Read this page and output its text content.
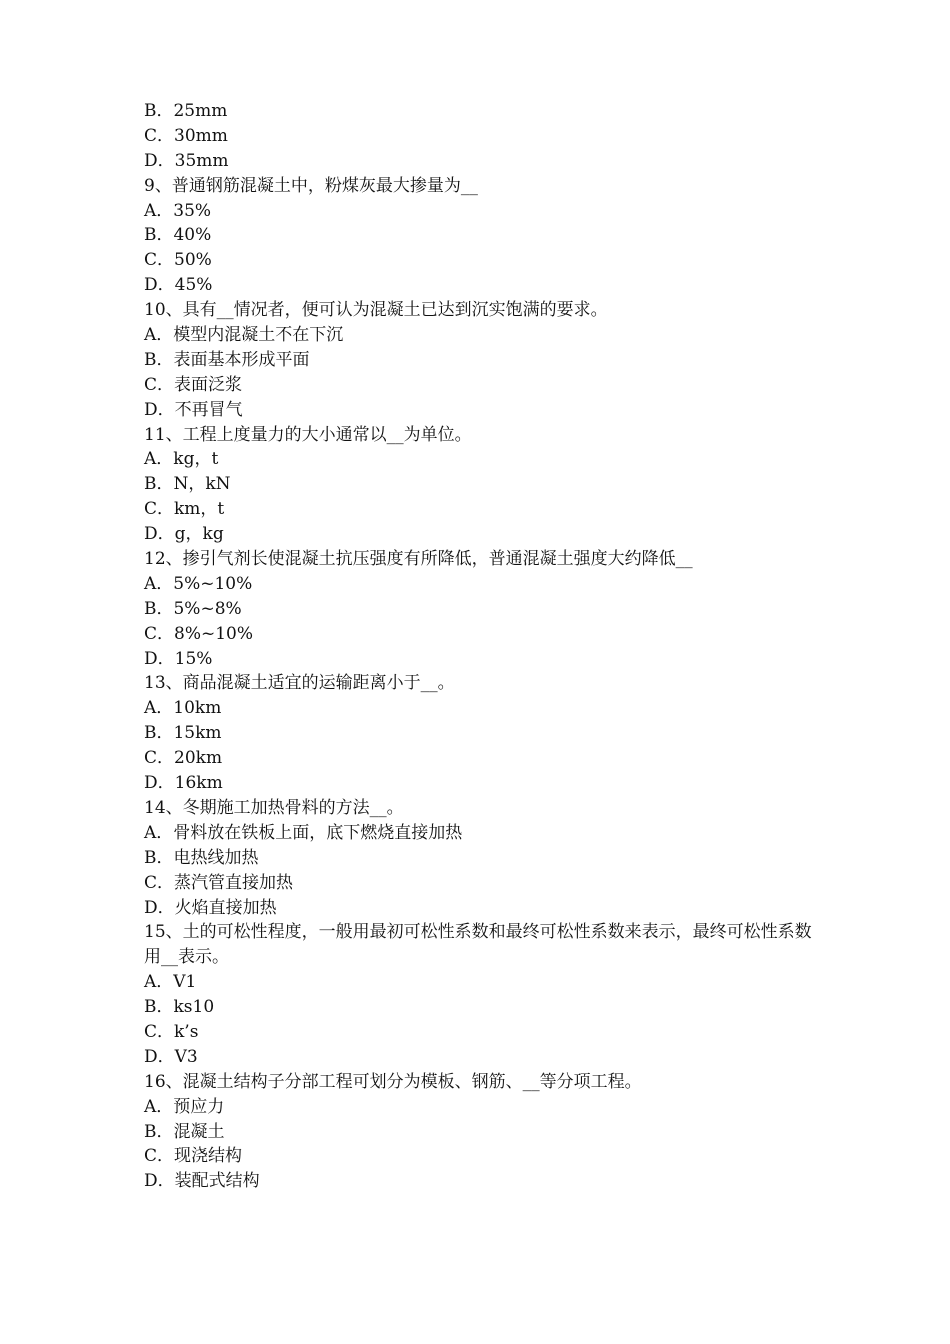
B．25mm

C．30mm

D．35mm

9、普通钢筋混凝土中，粉煤灰最大掺量为__

A．35%

B．40%

C．50%

D．45%

10、具有__情况者，便可认为混凝土已达到沉实饱满的要求。

A．模型内混凝土不在下沉

B．表面基本形成平面

C．表面泛浆

D．不再冒气

11、工程上度量力的大小通常以__为单位。

A．kg，t

B．N，kN

C．km，t

D．g，kg

12、掺引气剂长使混凝土抗压强度有所降低，普通混凝土强度大约降低__

A．5%~10%

B．5%~8%

C．8%~10%

D．15%

13、商品混凝土适宜的运输距离小于__。

A．10km

B．15km

C．20km

D．16km

14、冬期施工加热骨料的方法__。

A．骨料放在铁板上面，底下燃烧直接加热

B．电热线加热

C．蒸汽管直接加热

D．火焰直接加热

15、土的可松性程度，一般用最初可松性系数和最终可松性系数来表示，最终可松性系数用__表示。

A．V1

B．ks10

C．k’s

D．V3

16、混凝土结构子分部工程可划分为模板、钢筋、__等分项工程。

A．预应力

B．混凝土

C．现浇结构

D．装配式结构
